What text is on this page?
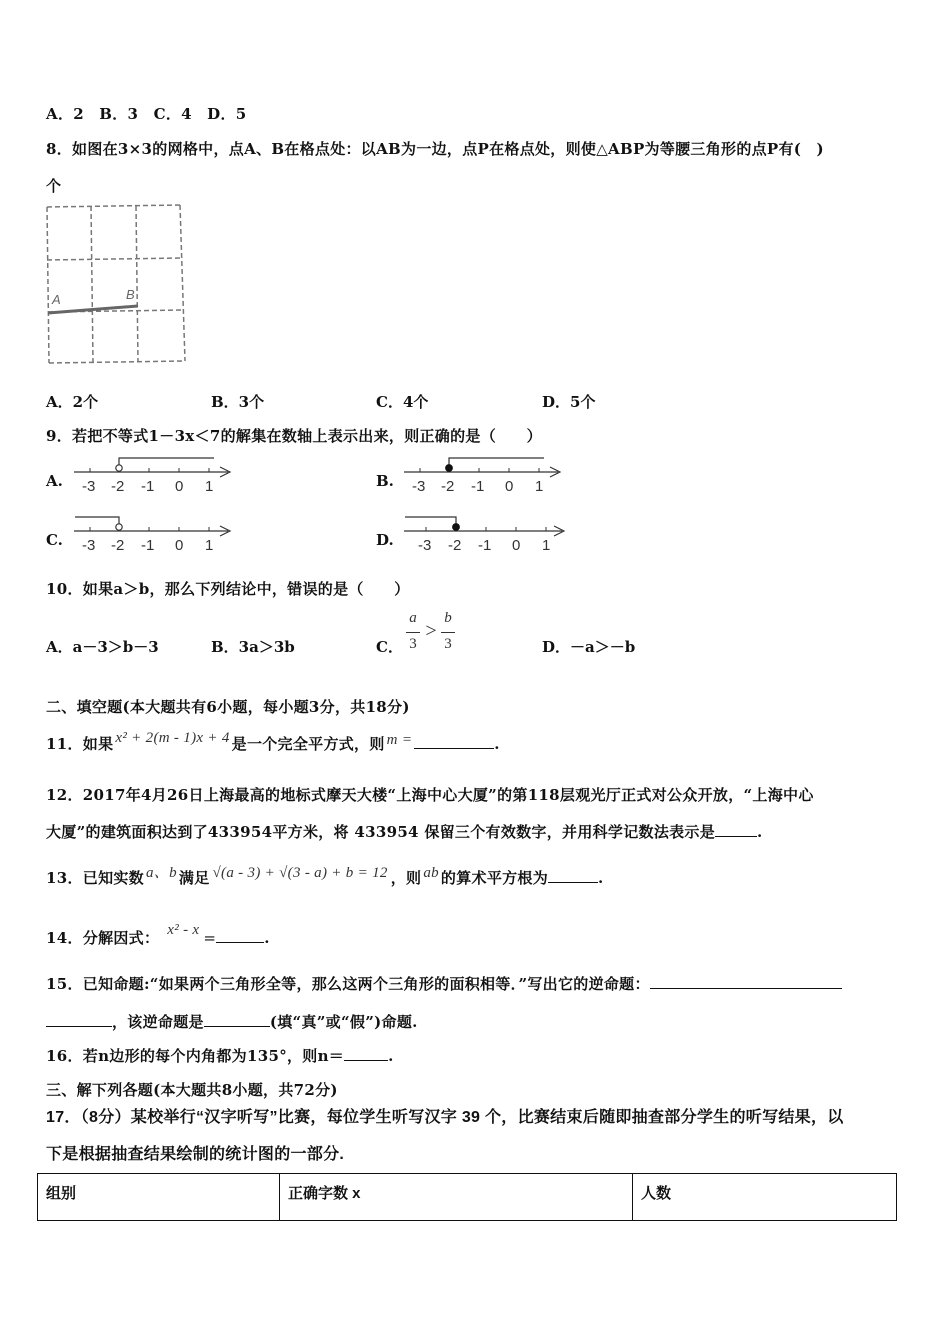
A．2　B．3　C．4　D．5
8．如图在3×3的网格中，点A、B在格点处：以AB为一边，点P在格点处，则使△ABP为等腰三角形的点P有(　)
个
A	B
A．2个	B．3个	C．4个	D．5个
9．若把不等式1－3x＜7的解集在数轴上表示出来，则正确的是（　　）
A.	B.
C.	D.
-3 -2 -1 0 1	-3 -2 -1 0 1
-3 -2 -1 0 1	-3 -2 -1 0 1
10．如果a＞b，那么下列结论中，错误的是（　　）
A．a－3＞b－3	B．3a＞3b	C．
a
3
>
b
3	D．－a＞－b
二、填空题(本大题共有6小题，每小题3分，共18分)
11．如果 x² + 2(m - 1)x + 4 是一个完全平方式，则 m =	.
12．2017年4月26日上海最高的地标式摩天大楼“上海中心大厦”的第118层观光厅正式对公众开放，“上海中心
大厦”的建筑面积达到了433954平方米，将 433954 保留三个有效数字，并用科学记数法表示是	.
13．已知实数 a、b 满足 √(a - 3) + √(3 - a) + b = 12 ，则 ab 的算术平方根为	.
14．分解因式： x² - x =	.
15．已知命题:“如果两个三角形全等，那么这两个三角形的面积相等．”写出它的逆命题：
，该逆命题是	(填“真”或“假”)命题.
16．若n边形的每个内角都为135°，则n＝	.
三、解下列各题(本大题共8小题，共72分)
17．（8分）某校举行“汉字听写”比赛，每位学生听写汉字 39 个，比赛结束后随即抽查部分学生的听写结果，以
下是根据抽查结果绘制的统计图的一部分.
组别	正确字数 x	人数
